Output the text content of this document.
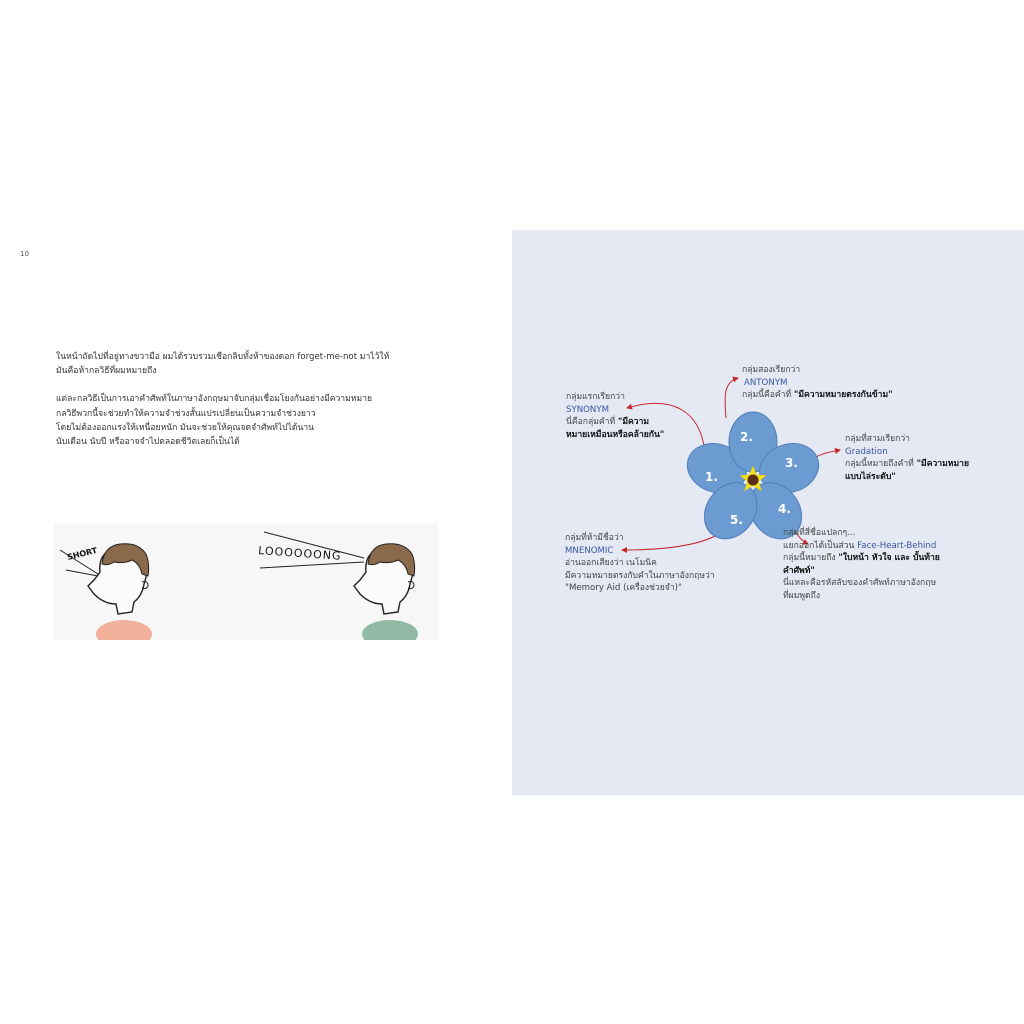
10

ในหน้าถัดไปที่อยู่ทางขวามือ ผมได้รวบรวมเชือกลิบทั้งห้าของดอก forget-me-not มาไว้ให้
มันคือห้ากลวิธีที่ผมหมายถึง

แต่ละกลวิธีเป็นการเอาคำศัพท์ในภาษาอังกฤษมาจับกลุ่มเชื่อมโยงกันอย่างมีความหมาย
กลวิธีพวกนี้จะช่วยทำให้ความจำช่วงสั้นแปรเปลี่ยนเป็นความจำช่วงยาว
โดยไม่ต้องออกแรงให้เหนื่อยหนัก มันจะช่วยให้คุณจดจำศัพท์ไปได้นาน
นับเดือน นับปี หรืออาจจำไปตลอดชีวิตเลยก็เป็นได้

SHORT	LOOOOOONG
1.
2.
3.
4.
5.
กลุ่มแรกเรียกว่า
SYNONYM
นี่คือกลุ่มคำที่ "มีความ
หมายเหมือนหรือคล้ายกัน"
กลุ่มสองเรียกว่า
ANTONYM
กลุ่มนี้คือคำที่ "มีความหมายตรงกันข้าม"
กลุ่มที่สามเรียกว่า
Gradation
กลุ่มนี้หมายถึงคำที่ "มีความหมาย
แบบไล่ระดับ"
กลุ่มที่สี่ชื่อแปลกๆ...
แยกออกได้เป็นส่วน Face-Heart-Behind
กลุ่มนี้หมายถึง "ใบหน้า หัวใจ และ บั้นท้าย
คำศัพท์"
นี่แหละคือรหัสลับของคำศัพท์ภาษาอังกฤษ
ที่ผมพูดถึง
กลุ่มที่ห้ามีชื่อว่า
MNENOMIC
อ่านออกเสียงว่า เนโมนิค
มีความหมายตรงกับคำในภาษาอังกฤษว่า
"Memory Aid (เครื่องช่วยจำ)"
